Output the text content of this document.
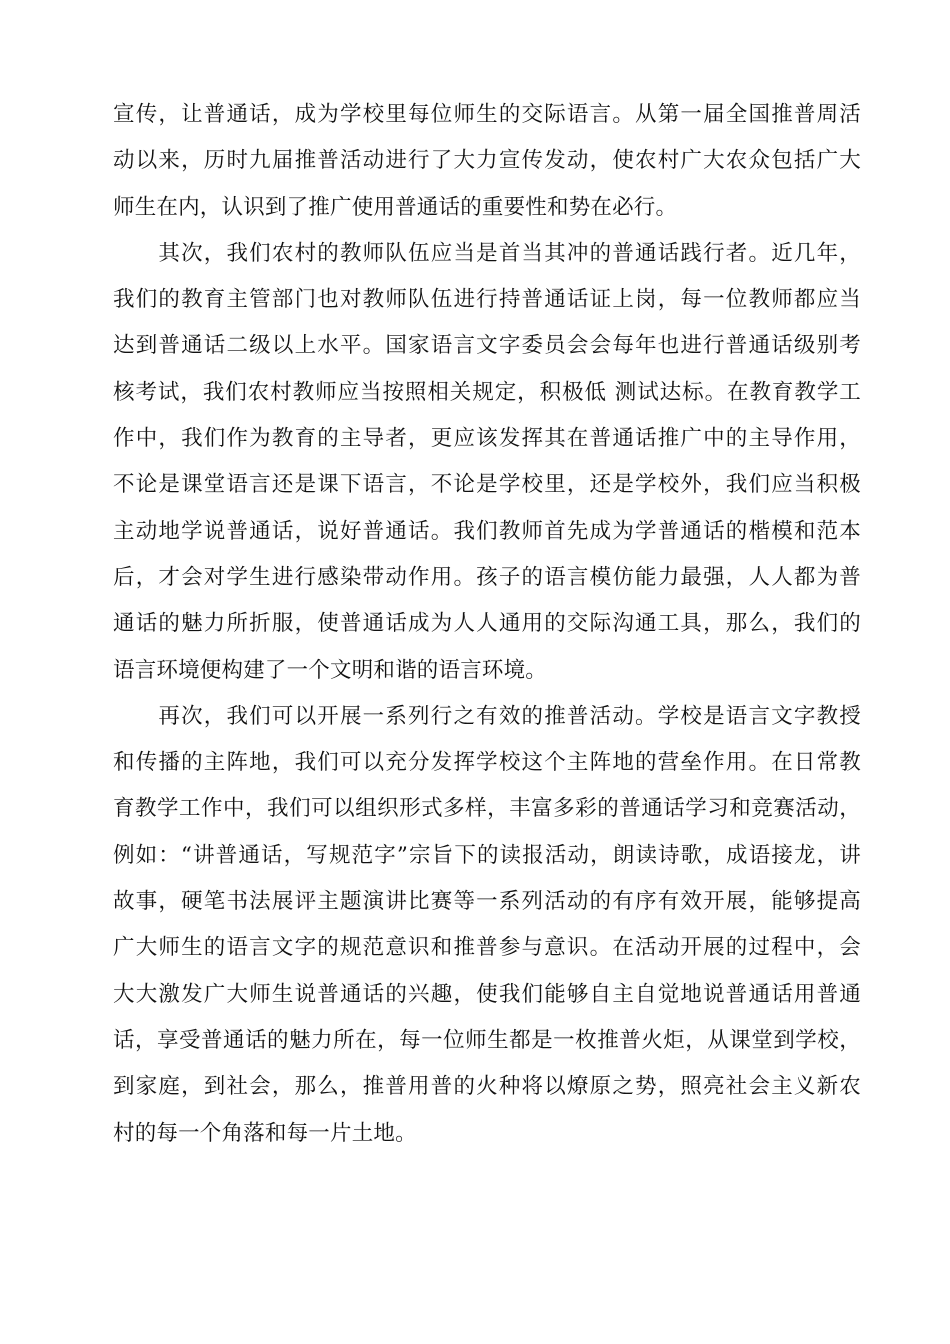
宣传，让普通话，成为学校里每位师生的交际语言。从第一届全国推普周活
动以来，历时九届推普活动进行了大力宣传发动，使农村广大农众包括广大
师生在内，认识到了推广使用普通话的重要性和势在必行。
　　其次，我们农村的教师队伍应当是首当其冲的普通话践行者。近几年，
我们的教育主管部门也对教师队伍进行持普通话证上岗，每一位教师都应当
达到普通话二级以上水平。国家语言文字委员会会每年也进行普通话级别考
核考试，我们农村教师应当按照相关规定，积极低 测试达标。在教育教学工
作中，我们作为教育的主导者，更应该发挥其在普通话推广中的主导作用，
不论是课堂语言还是课下语言，不论是学校里，还是学校外，我们应当积极
主动地学说普通话，说好普通话。我们教师首先成为学普通话的楷模和范本
后，才会对学生进行感染带动作用。孩子的语言模仿能力最强，人人都为普
通话的魅力所折服，使普通话成为人人通用的交际沟通工具，那么，我们的
语言环境便构建了一个文明和谐的语言环境。
　　再次，我们可以开展一系列行之有效的推普活动。学校是语言文字教授
和传播的主阵地，我们可以充分发挥学校这个主阵地的营垒作用。在日常教
育教学工作中，我们可以组织形式多样，丰富多彩的普通话学习和竞赛活动，
例如：“讲普通话，写规范字”宗旨下的读报活动，朗读诗歌，成语接龙，讲
故事，硬笔书法展评主题演讲比赛等一系列活动的有序有效开展，能够提高
广大师生的语言文字的规范意识和推普参与意识。在活动开展的过程中，会
大大激发广大师生说普通话的兴趣，使我们能够自主自觉地说普通话用普通
话，享受普通话的魅力所在，每一位师生都是一枚推普火炬，从课堂到学校，
到家庭，到社会，那么，推普用普的火种将以燎原之势，照亮社会主义新农
村的每一个角落和每一片土地。
